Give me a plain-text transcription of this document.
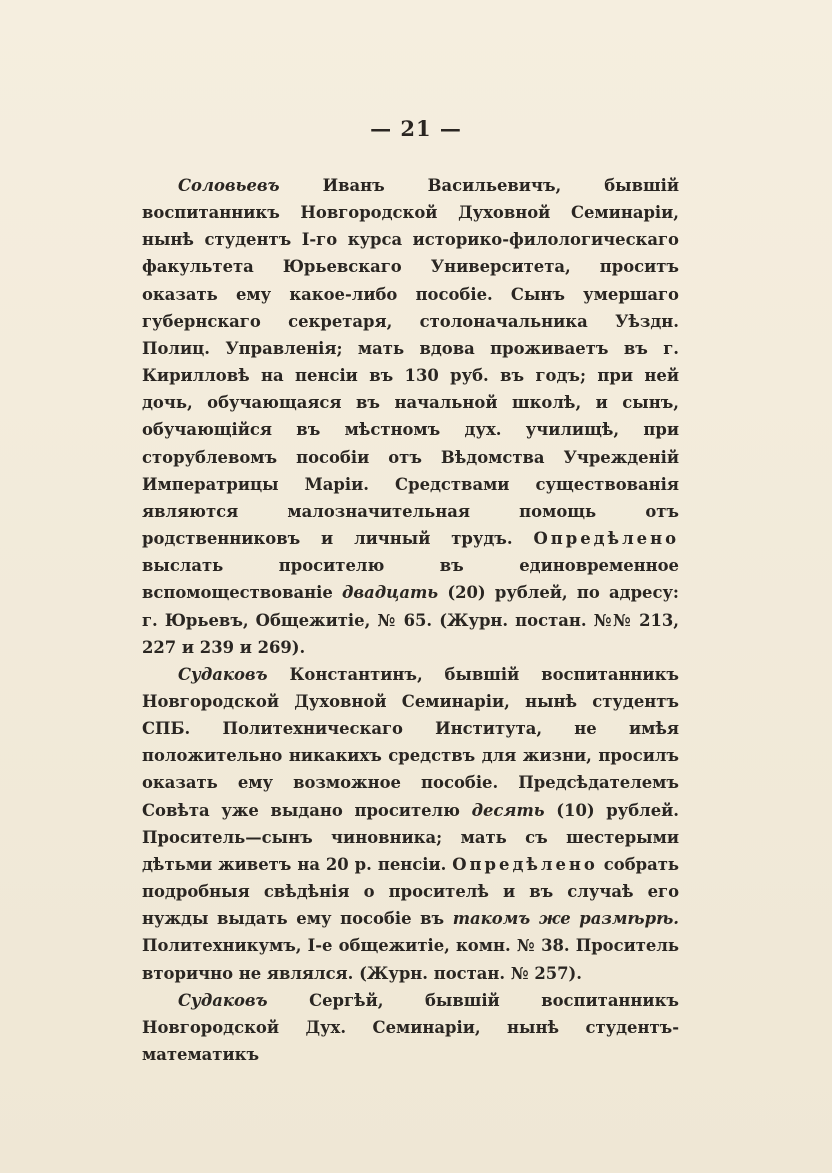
— 21 —

Соловьевъ Иванъ Васильевичъ, бывшій воспитанникъ Новгородской Духовной Семинаріи, нынѣ студентъ І-го курса историко-филологическаго факультета Юрьевскаго Университета, проситъ оказать ему какое-либо пособіе. Сынъ умершаго губернскаго секретаря, столоначальника Уѣздн. Полиц. Управленія; мать вдова проживаетъ въ г. Кирилловѣ на пенсіи въ 130 руб. въ годъ; при ней дочь, обучающаяся въ начальной школѣ, и сынъ, обучающійся въ мѣстномъ дух. училищѣ, при сторублевомъ пособіи отъ Вѣдомства Учрежденій Императрицы Маріи. Средствами существованія являются малозначительная помощь отъ родственниковъ и личный трудъ. Опредѣлено выслать просителю въ единовременное вспомоществованіе двадцать (20) рублей, по адресу: г. Юрьевъ, Общежитіе, № 65. (Журн. постан. №№ 213, 227 и 239 и 269).

Судаковъ Константинъ, бывшій воспитанникъ Новгородской Духовной Семинаріи, нынѣ студентъ СПБ. Политехническаго Института, не имѣя положительно никакихъ средствъ для жизни, просилъ оказать ему возможное пособіе. Предсѣдателемъ Совѣта уже выдано просителю десять (10) рублей. Проситель—сынъ чиновника; мать съ шестерыми дѣтьми живетъ на 20 р. пенсіи. Опредѣлено собрать подробныя свѣдѣнія о просителѣ и въ случаѣ его нужды выдать ему пособіе въ такомъ же размѣрѣ. Политехникумъ, І-е общежитіе, комн. № 38. Проситель вторично не являлся. (Журн. постан. № 257).

Судаковъ Сергѣй, бывшій воспитанникъ Новгородской Дух. Семинаріи, нынѣ студентъ-математикъ
